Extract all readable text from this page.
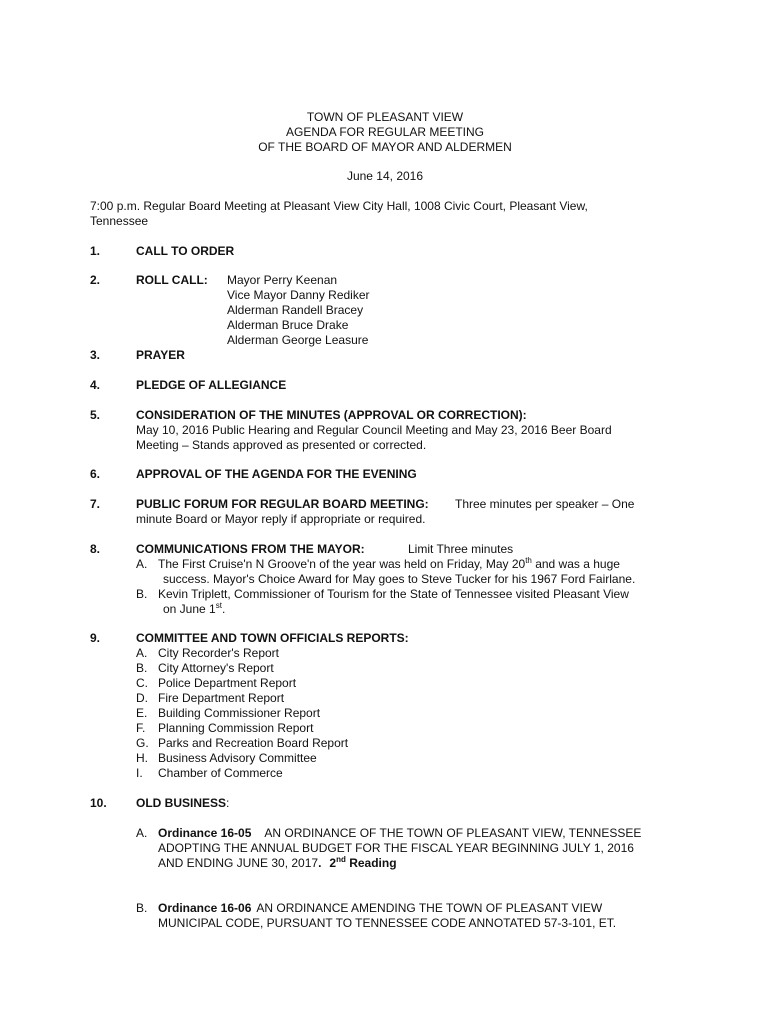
TOWN OF PLEASANT VIEW
AGENDA FOR REGULAR MEETING
OF THE BOARD OF MAYOR AND ALDERMEN
June 14, 2016
7:00 p.m. Regular Board Meeting at Pleasant View City Hall, 1008 Civic Court, Pleasant View,
Tennessee
1.	CALL TO ORDER
2.	ROLL CALL: Mayor Perry Keenan
Vice Mayor Danny Rediker
Alderman Randell Bracey
Alderman Bruce Drake
Alderman George Leasure
3.	PRAYER
4.	PLEDGE OF ALLEGIANCE
5.	CONSIDERATION OF THE MINUTES (APPROVAL OR CORRECTION):
May 10, 2016 Public Hearing and Regular Council Meeting and May 23, 2016 Beer Board
Meeting – Stands approved as presented or corrected.
6.	APPROVAL OF THE AGENDA FOR THE EVENING
7.	PUBLIC FORUM FOR REGULAR BOARD MEETING: Three minutes per speaker – One
minute Board or Mayor reply if appropriate or required.
8.	COMMUNICATIONS FROM THE MAYOR:	Limit Three minutes
A. The First Cruise'n N Groove'n of the year was held on Friday, May 20th and was a huge
success. Mayor's Choice Award for May goes to Steve Tucker for his 1967 Ford Fairlane.
B. Kevin Triplett, Commissioner of Tourism for the State of Tennessee visited Pleasant View
on June 1st.
9.	COMMITTEE AND TOWN OFFICIALS REPORTS:
A. City Recorder's Report
B. City Attorney's Report
C. Police Department Report
D. Fire Department Report
E. Building Commissioner Report
F. Planning Commission Report
G. Parks and Recreation Board Report
H. Business Advisory Committee
I. Chamber of Commerce
10. OLD BUSINESS:
A. Ordinance 16-05 AN ORDINANCE OF THE TOWN OF PLEASANT VIEW, TENNESSEE
ADOPTING THE ANNUAL BUDGET FOR THE FISCAL YEAR BEGINNING JULY 1, 2016
AND ENDING JUNE 30, 2017. 2nd Reading
B. Ordinance 16-06 AN ORDINANCE AMENDING THE TOWN OF PLEASANT VIEW
MUNICIPAL CODE, PURSUANT TO TENNESSEE CODE ANNOTATED 57-3-101, ET.
